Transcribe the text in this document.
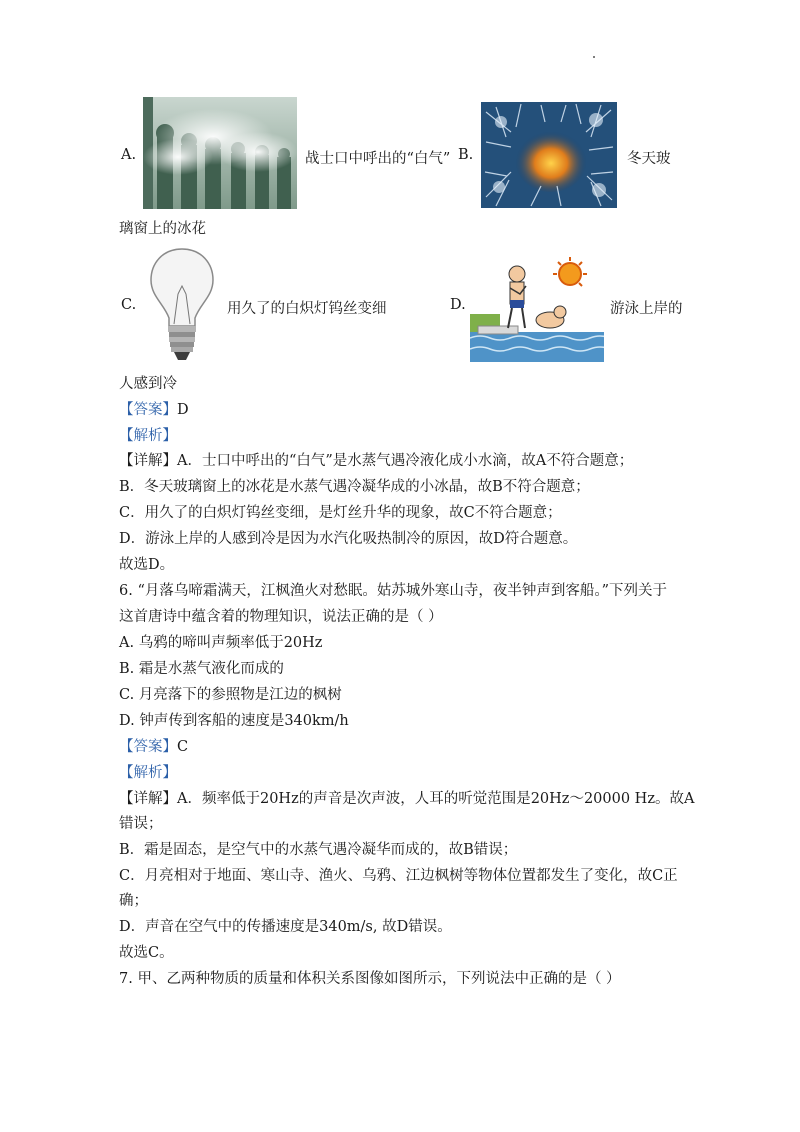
A.	战士口中呼出的“白气” B.	冬天玻
璃窗上的冰花
C.	用久了的白炽灯钨丝变细	D.	游泳上岸的
人感到冷
【答案】D
【解析】
【详解】A．士口中呼出的“白气”是水蒸气遇冷液化成小水滴，故A不符合题意；
B．冬天玻璃窗上的冰花是水蒸气遇冷凝华成的小冰晶，故B不符合题意；
C．用久了的白炽灯钨丝变细，是灯丝升华的现象，故C不符合题意；
D．游泳上岸的人感到冷是因为水汽化吸热制冷的原因，故D符合题意。
故选D。
6. “月落乌啼霜满天，江枫渔火对愁眠。姑苏城外寒山寺，夜半钟声到客船。”下列关于
这首唐诗中蕴含着的物理知识，说法正确的是（ ）
A. 乌鸦的啼叫声频率低于20Hz
B. 霜是水蒸气液化而成的
C. 月亮落下的参照物是江边的枫树
D. 钟声传到客船的速度是340km/h
【答案】C
【解析】
【详解】A．频率低于20Hz的声音是次声波，人耳的听觉范围是20Hz～20000 Hz。故A
错误；
B．霜是固态，是空气中的水蒸气遇冷凝华而成的，故B错误；
C．月亮相对于地面、寒山寺、渔火、乌鸦、江边枫树等物体位置都发生了变化，故C正
确；
D．声音在空气中的传播速度是340m/s, 故D错误。
故选C。
7. 甲、乙两种物质的质量和体积关系图像如图所示，下列说法中正确的是（ ）
